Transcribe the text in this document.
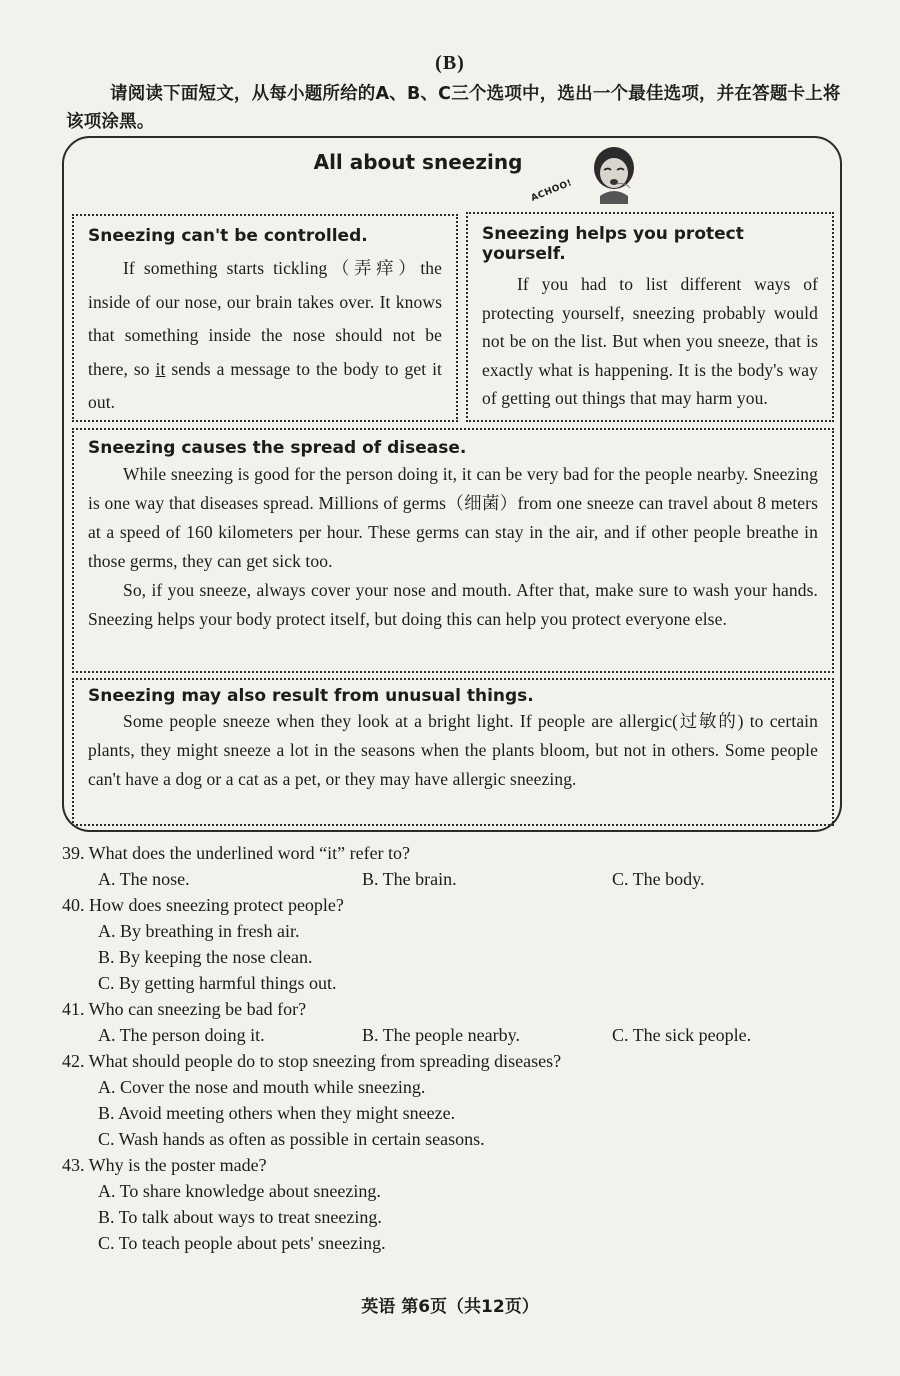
(B)
请阅读下面短文，从每小题所给的A、B、C三个选项中，选出一个最佳选项，并在答题卡上将该项涂黑。
All about sneezing
ACHOO!
Sneezing can't be controlled.

If something starts tickling（弄痒）the inside of our nose, our brain takes over. It knows that something inside the nose should not be there, so it sends a message to the body to get it out.

Sneezing helps you protect yourself.

If you had to list different ways of protecting yourself, sneezing probably would not be on the list. But when you sneeze, that is exactly what is happening. It is the body's way of getting out things that may harm you.

Sneezing causes the spread of disease.

While sneezing is good for the person doing it, it can be very bad for the people nearby. Sneezing is one way that diseases spread. Millions of germs（细菌）from one sneeze can travel about 8 meters at a speed of 160 kilometers per hour. These germs can stay in the air, and if other people breathe in those germs, they can get sick too.

So, if you sneeze, always cover your nose and mouth. After that, make sure to wash your hands. Sneezing helps your body protect itself, but doing this can help you protect everyone else.

Sneezing may also result from unusual things.

Some people sneeze when they look at a bright light. If people are allergic(过敏的) to certain plants, they might sneeze a lot in the seasons when the plants bloom, but not in others. Some people can't have a dog or a cat as a pet, or they may have allergic sneezing.

39. What does the underlined word “it” refer to?
A. The nose.	B. The brain.	C. The body.
40. How does sneezing protect people?
A. By breathing in fresh air.
B. By keeping the nose clean.
C. By getting harmful things out.
41. Who can sneezing be bad for?
A. The person doing it.	B. The people nearby.	C. The sick people.
42. What should people do to stop sneezing from spreading diseases?
A. Cover the nose and mouth while sneezing.
B. Avoid meeting others when they might sneeze.
C. Wash hands as often as possible in certain seasons.
43. Why is the poster made?
A. To share knowledge about sneezing.
B. To talk about ways to treat sneezing.
C. To teach people about pets' sneezing.
英语 第6页（共12页）
